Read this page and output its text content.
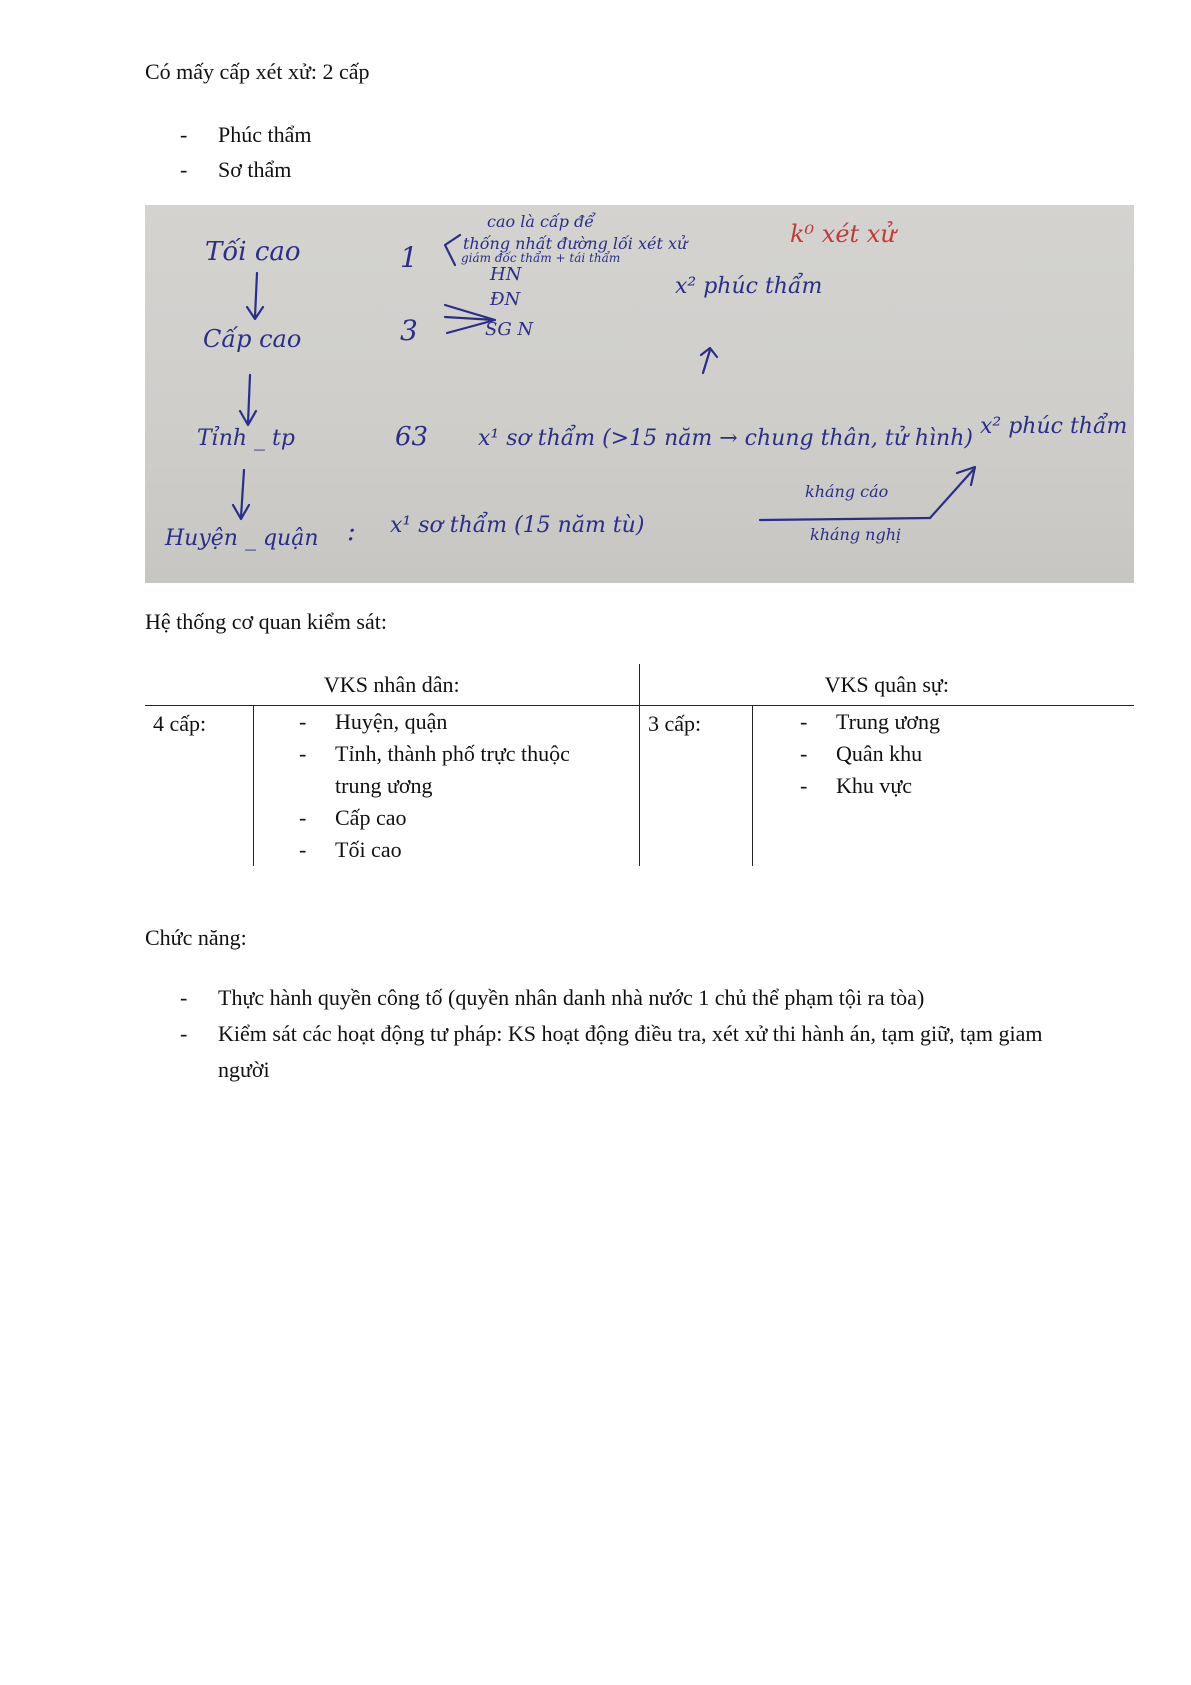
Có mấy cấp xét xử: 2 cấp
- Phúc thẩm
- Sơ thẩm
Tối cao
Cấp cao
Tỉnh _ tp
Huyện _ quận
1
3
63
:
cao là cấp để
thống nhất đường lối xét xử
giám đốc thẩm + tái thẩm
k⁰ xét xử
HN
ĐN
SG N
x² phúc thẩm
x¹ sơ thẩm (>15 năm → chung thân, tử hình) x² phúc thẩm
x¹ sơ thẩm (15 năm tù)
kháng cáo
kháng nghị
Hệ thống cơ quan kiểm sát:
VKS nhân dân:	VKS quân sự:
4 cấp:	- Huyện, quận
- Tỉnh, thành phố trực thuộc trung ương
- Cấp cao
- Tối cao
3 cấp:	- Trung ương
- Quân khu
- Khu vực
Chức năng:
- Thực hành quyền công tố (quyền nhân danh nhà nước 1 chủ thể phạm tội ra tòa)
- Kiểm sát các hoạt động tư pháp: KS hoạt động điều tra, xét xử thi hành án, tạm giữ, tạm giam người
